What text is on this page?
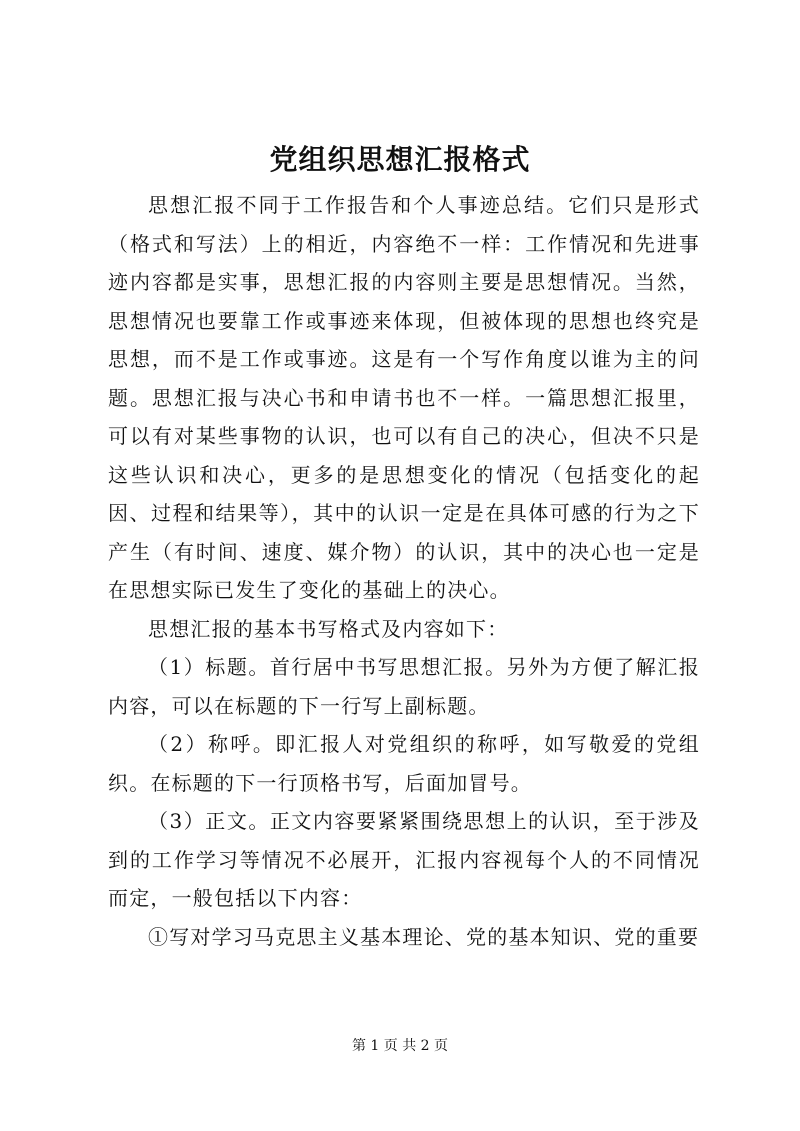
党组织思想汇报格式

思想汇报不同于工作报告和个人事迹总结。它们只是形式（格式和写法）上的相近，内容绝不一样：工作情况和先进事迹内容都是实事，思想汇报的内容则主要是思想情况。当然，思想情况也要靠工作或事迹来体现，但被体现的思想也终究是思想，而不是工作或事迹。这是有一个写作角度以谁为主的问题。思想汇报与决心书和申请书也不一样。一篇思想汇报里，可以有对某些事物的认识，也可以有自己的决心，但决不只是这些认识和决心，更多的是思想变化的情况（包括变化的起因、过程和结果等），其中的认识一定是在具体可感的行为之下产生（有时间、速度、媒介物）的认识，其中的决心也一定是在思想实际已发生了变化的基础上的决心。

思想汇报的基本书写格式及内容如下：

（1）标题。首行居中书写思想汇报。另外为方便了解汇报内容，可以在标题的下一行写上副标题。

（2）称呼。即汇报人对党组织的称呼，如写敬爱的党组织。在标题的下一行顶格书写，后面加冒号。

（3）正文。正文内容要紧紧围绕思想上的认识，至于涉及到的工作学习等情况不必展开，汇报内容视每个人的不同情况而定，一般包括以下内容：

①写对学习马克思主义基本理论、党的基本知识、党的重要

第 1 页 共 2 页
